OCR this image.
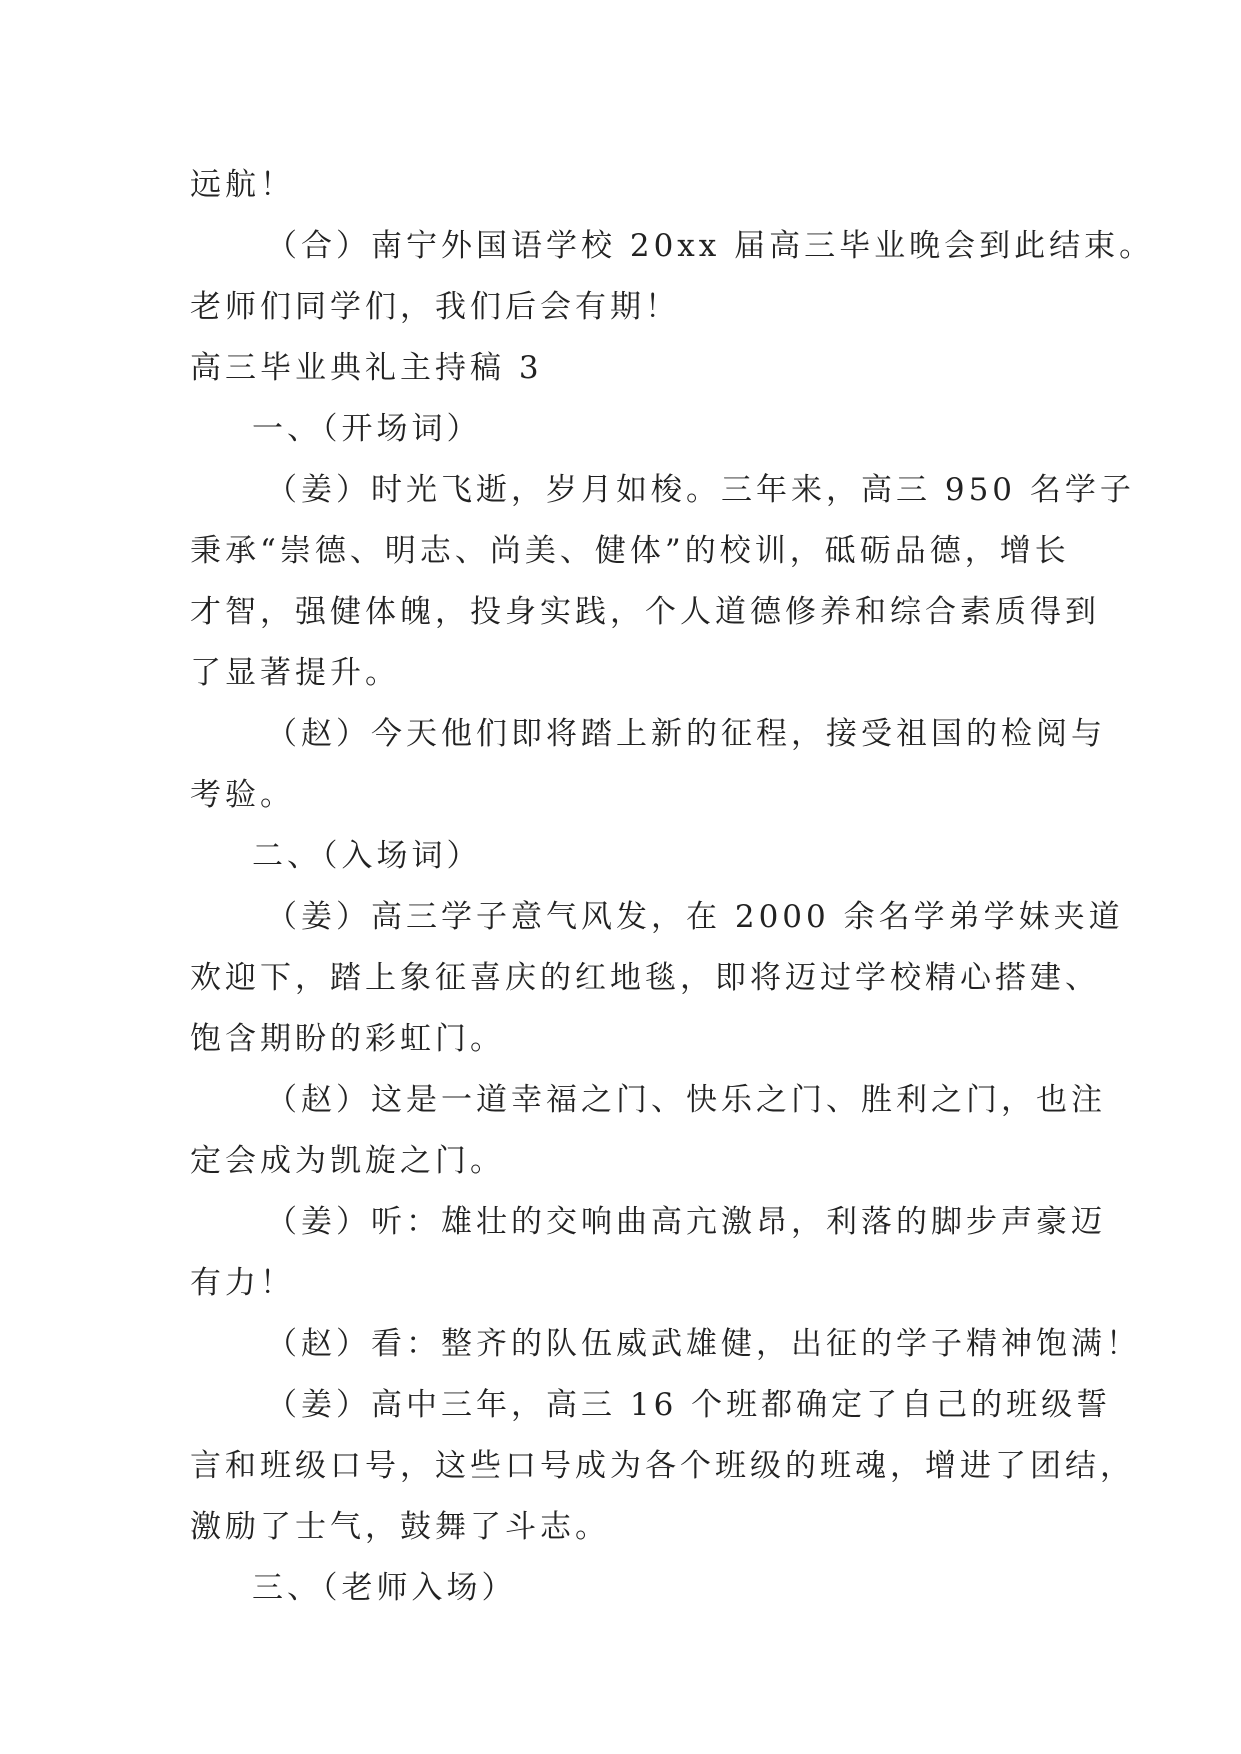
远航！
（合）南宁外国语学校 20xx 届高三毕业晚会到此结束。
老师们同学们，我们后会有期！
高三毕业典礼主持稿 3
一、（开场词）
（姜）时光飞逝，岁月如梭。三年来，高三 950 名学子
秉承“崇德、明志、尚美、健体”的校训，砥砺品德，增长
才智，强健体魄，投身实践，个人道德修养和综合素质得到
了显著提升。
（赵）今天他们即将踏上新的征程，接受祖国的检阅与
考验。
二、（入场词）
（姜）高三学子意气风发，在 2000 余名学弟学妹夹道
欢迎下，踏上象征喜庆的红地毯，即将迈过学校精心搭建、
饱含期盼的彩虹门。
（赵）这是一道幸福之门、快乐之门、胜利之门，也注
定会成为凯旋之门。
（姜）听：雄壮的交响曲高亢激昂，利落的脚步声豪迈
有力！
（赵）看：整齐的队伍威武雄健，出征的学子精神饱满！
（姜）高中三年，高三 16 个班都确定了自己的班级誓
言和班级口号，这些口号成为各个班级的班魂，增进了团结，
激励了士气，鼓舞了斗志。
三、（老师入场）
